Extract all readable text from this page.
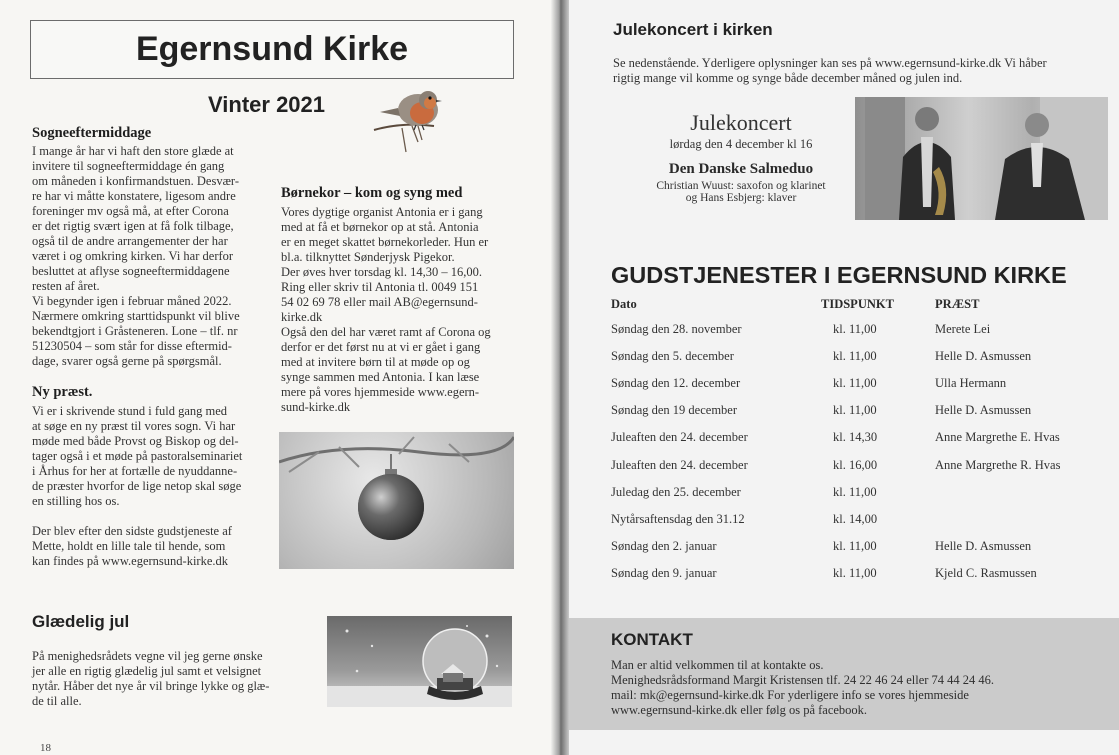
Egernsund Kirke
Vinter 2021
Sogneeftermiddage

I mange år har vi haft den store glæde at

invitere til sogneeftermiddage én gang

om måneden i konfirmandstuen. Desvær-

re har vi måtte konstatere, ligesom andre

foreninger mv også må, at efter Corona

er det rigtig svært igen at få folk tilbage,

også til de andre arrangementer der har

været i og omkring kirken. Vi har derfor

besluttet at aflyse sogneeftermiddagene

resten af året.

Vi begynder igen i februar måned 2022.

Nærmere omkring starttidspunkt vil blive

bekendtgjort i Gråsteneren. Lone – tlf. nr

51230504 – som står for disse eftermid-

dage, svarer også gerne på spørgsmål.

Ny præst.

Vi er i skrivende stund i fuld gang med

at søge en ny præst til vores sogn. Vi har

møde med både Provst og Biskop og del-

tager også i et møde på pastoralseminariet

i Århus for her at fortælle de nyuddanne-

de præster hvorfor de lige netop skal søge

en stilling hos os.

Der blev efter den sidste gudstjeneste af

Mette, holdt en lille tale til hende, som

kan findes på www.egernsund-kirke.dk

Børnekor – kom og syng med

Vores dygtige organist Antonia er i gang

med at få et børnekor op at stå. Antonia

er en meget skattet børnekorleder. Hun er

bl.a. tilknyttet Sønderjysk Pigekor.

Der øves hver torsdag kl. 14,30 – 16,00.

Ring eller skriv til Antonia tl. 0049 151

54 02 69 78 eller mail AB@egernsund-

kirke.dk

Også den del har været ramt af Corona og

derfor er det først nu at vi er gået i gang

med at invitere børn til at møde op og

synge sammen med Antonia. I kan læse

mere på vores hjemmeside www.egern-

sund-kirke.dk

Glædelig jul

På menighedsrådets vegne vil jeg gerne ønske

jer alle en rigtig glædelig jul samt et velsignet

nytår. Håber det nye år vil bringe lykke og glæ-

de til alle.

18
Julekoncert i kirken

Se nedenstående. Yderligere oplysninger kan ses på www.egernsund-kirke.dk Vi håber

rigtig mange vil komme og synge både december måned og julen ind.

Julekoncert
lørdag den 4 december kl 16
Den Danske Salmeduo
Christian Wuust: saxofon og klarinet
og Hans Esbjerg: klaver
GUDSTJENESTER I EGERNSUND KIRKE
Dato	TIDSPUNKT	PRÆST
Søndag den 28. november	kl. 11,00	Merete Lei
Søndag den 5. december	kl. 11,00	Helle D. Asmussen
Søndag den 12. december	kl. 11,00	Ulla Hermann
Søndag den 19 december	kl. 11,00	Helle D. Asmussen
Juleaften den 24. december	kl. 14,30	Anne Margrethe E. Hvas
Juleaften den 24. december	kl. 16,00	Anne Margrethe R. Hvas
Juledag den 25. december	kl. 11,00	
Nytårsaftensdag den 31.12	kl. 14,00	
Søndag den 2. januar	kl. 11,00	Helle D. Asmussen
Søndag den 9. januar	kl. 11,00	Kjeld C. Rasmussen
KONTAKT

Man er altid velkommen til at kontakte os.

Menighedsrådsformand Margit Kristensen tlf. 24 22 46 24 eller 74 44 24 46.

mail: mk@egernsund-kirke.dk For yderligere info se vores hjemmeside

www.egernsund-kirke.dk eller følg os på facebook.
